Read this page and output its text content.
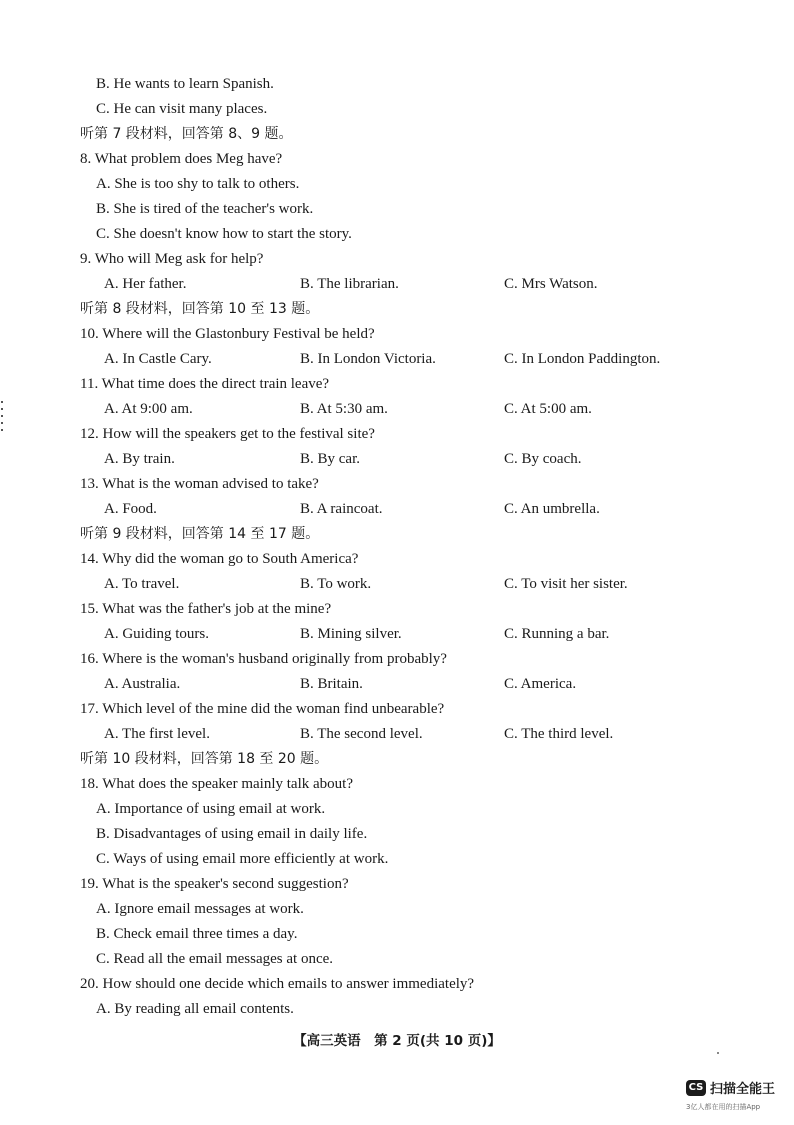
B. He wants to learn Spanish.
C. He can visit many places.
听第 7 段材料，回答第 8、9 题。
8. What problem does Meg have?
A. She is too shy to talk to others.
B. She is tired of the teacher's work.
C. She doesn't know how to start the story.
9. Who will Meg ask for help?
A. Her father.	B. The librarian.	C. Mrs Watson.
听第 8 段材料，回答第 10 至 13 题。
10. Where will the Glastonbury Festival be held?
A. In Castle Cary.	B. In London Victoria.	C. In London Paddington.
11. What time does the direct train leave?
A. At 9:00 am.	B. At 5:30 am.	C. At 5:00 am.
12. How will the speakers get to the festival site?
A. By train.	B. By car.	C. By coach.
13. What is the woman advised to take?
A. Food.	B. A raincoat.	C. An umbrella.
听第 9 段材料，回答第 14 至 17 题。
14. Why did the woman go to South America?
A. To travel.	B. To work.	C. To visit her sister.
15. What was the father's job at the mine?
A. Guiding tours.	B. Mining silver.	C. Running a bar.
16. Where is the woman's husband originally from probably?
A. Australia.	B. Britain.	C. America.
17. Which level of the mine did the woman find unbearable?
A. The first level.	B. The second level.	C. The third level.
听第 10 段材料，回答第 18 至 20 题。
18. What does the speaker mainly talk about?
A. Importance of using email at work.
B. Disadvantages of using email in daily life.
C. Ways of using email more efficiently at work.
19. What is the speaker's second suggestion?
A. Ignore email messages at work.
B. Check email three times a day.
C. Read all the email messages at once.
20. How should one decide which emails to answer immediately?
A. By reading all email contents.
【高三英语　第 2 页(共 10 页)】
CS 扫描全能王
3亿人都在用的扫描App
